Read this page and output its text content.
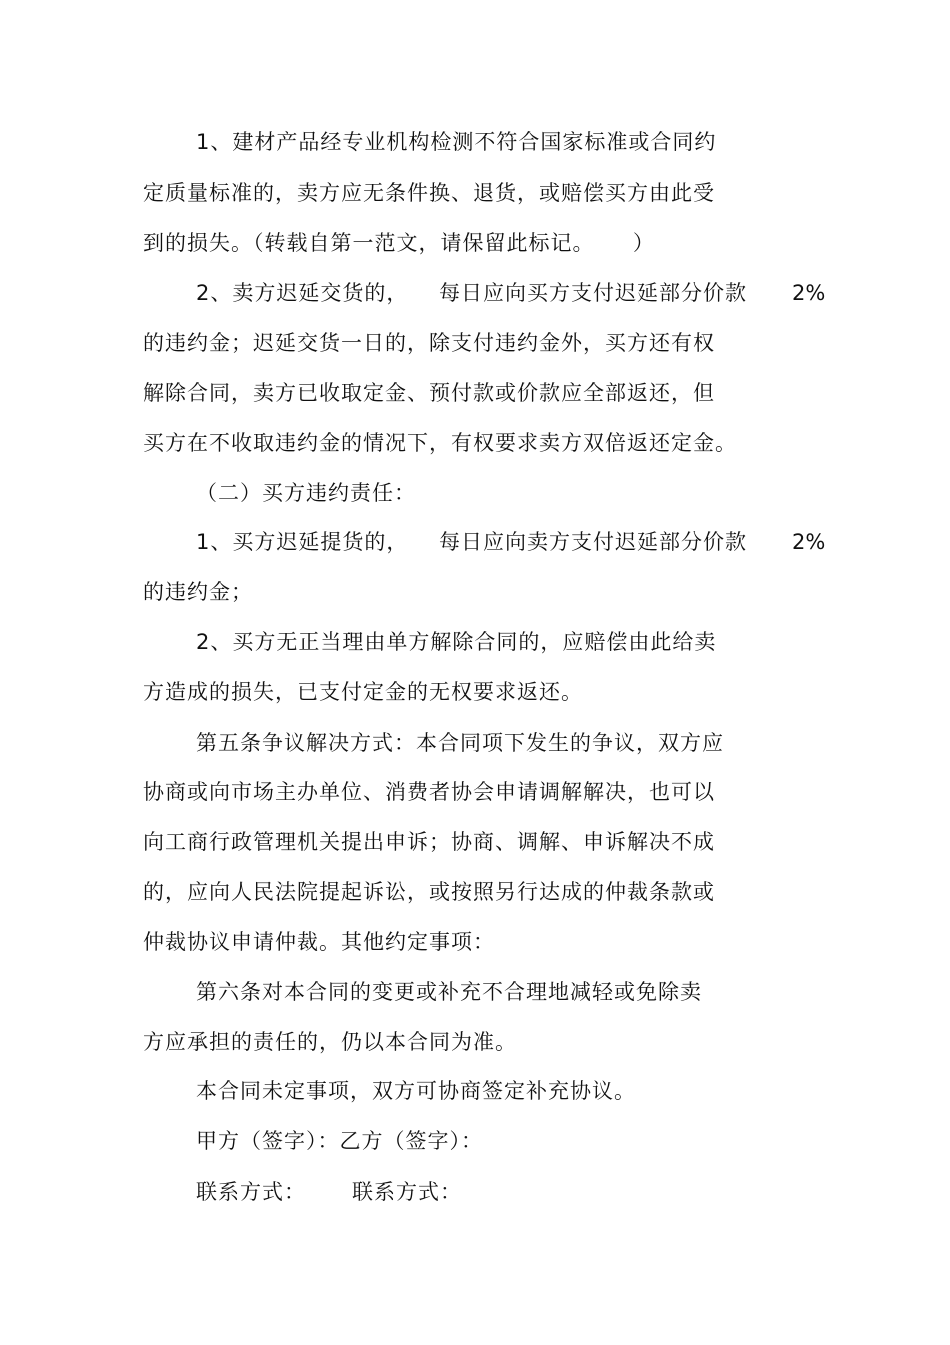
1、建材产品经专业机构检测不符合国家标准或合同约
定质量标准的，卖方应无条件换、退货，或赔偿买方由此受
到的损失。（转载自第一范文，请保留此标记。     ）
2、卖方迟延交货的，    每日应向买方支付迟延部分价款 2%
的违约金；迟延交货一日的，除支付违约金外，买方还有权
解除合同，卖方已收取定金、预付款或价款应全部返还，但
买方在不收取违约金的情况下，有权要求卖方双倍返还定金。
（二）买方违约责任：
1、买方迟延提货的，    每日应向卖方支付迟延部分价款 2%
的违约金；
2、买方无正当理由单方解除合同的，应赔偿由此给卖
方造成的损失，已支付定金的无权要求返还。
第五条争议解决方式：本合同项下发生的争议，双方应
协商或向市场主办单位、消费者协会申请调解解决，也可以
向工商行政管理机关提出申诉；协商、调解、申诉解决不成
的，应向人民法院提起诉讼，或按照另行达成的仲裁条款或
仲裁协议申请仲裁。其他约定事项：
第六条对本合同的变更或补充不合理地减轻或免除卖
方应承担的责任的，仍以本合同为准。
本合同未定事项，双方可协商签定补充协议。
甲方（签字）：乙方（签字）：
联系方式：      联系方式：
